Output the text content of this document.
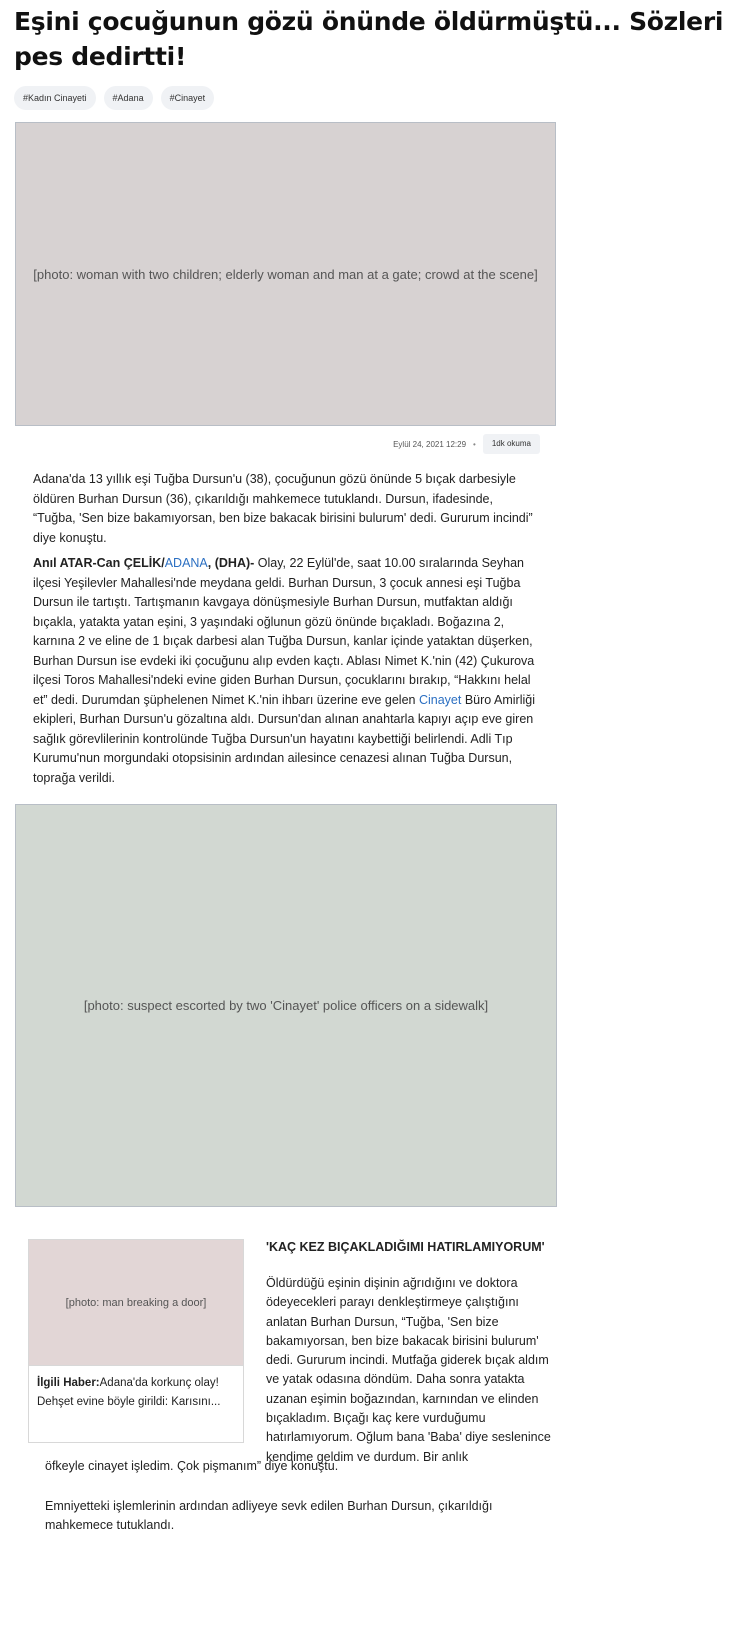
Eşini çocuğunun gözü önünde öldürmüştü... Sözleri pes dedirtti!
#Kadın Cinayeti	#Adana	#Cinayet
[photo: woman with two children; elderly woman and man at a gate; crowd at the scene]
Eylül 24, 2021 12:29 •	1dk okuma

Adana'da 13 yıllık eşi Tuğba Dursun'u (38), çocuğunun gözü önünde 5 bıçak darbesiyle öldüren Burhan Dursun (36), çıkarıldığı mahkemece tutuklandı. Dursun, ifadesinde, “Tuğba, 'Sen bize bakamıyorsan, ben bize bakacak birisini bulurum' dedi. Gururum incindi” diye konuştu.

Anıl ATAR-Can ÇELİK/ADANA, (DHA)- Olay, 22 Eylül'de, saat 10.00 sıralarında Seyhan ilçesi Yeşilevler Mahallesi'nde meydana geldi. Burhan Dursun, 3 çocuk annesi eşi Tuğba Dursun ile tartıştı. Tartışmanın kavgaya dönüşmesiyle Burhan Dursun, mutfaktan aldığı bıçakla, yatakta yatan eşini, 3 yaşındaki oğlunun gözü önünde bıçakladı. Boğazına 2, karnına 2 ve eline de 1 bıçak darbesi alan Tuğba Dursun, kanlar içinde yataktan düşerken, Burhan Dursun ise evdeki iki çocuğunu alıp evden kaçtı. Ablası Nimet K.'nin (42) Çukurova ilçesi Toros Mahallesi'ndeki evine giden Burhan Dursun, çocuklarını bırakıp, “Hakkını helal et” dedi. Durumdan şüphelenen Nimet K.'nin ihbarı üzerine eve gelen Cinayet Büro Amirliği ekipleri, Burhan Dursun'u gözaltına aldı. Dursun'dan alınan anahtarla kapıyı açıp eve giren sağlık görevlilerinin kontrolünde Tuğba Dursun'un hayatını kaybettiği belirlendi. Adli Tıp Kurumu'nun morgundaki otopsisinin ardından ailesince cenazesi alınan Tuğba Dursun, toprağa verildi.

[photo: suspect escorted by two 'Cinayet' police officers on a sidewalk]
[photo: man breaking a door]

İlgili Haber:Adana'da korkunç olay! Dehşet evine böyle girildi: Karısını...

'KAÇ KEZ BIÇAKLADIĞIMI HATIRLAMIYORUM'

Öldürdüğü eşinin dişinin ağrıdığını ve doktora ödeyecekleri parayı denkleştirmeye çalıştığını anlatan Burhan Dursun, “Tuğba, 'Sen bize bakamıyorsan, ben bize bakacak birisini bulurum' dedi. Gururum incindi. Mutfağa giderek bıçak aldım ve yatak odasına döndüm. Daha sonra yatakta uzanan eşimin boğazından, karnından ve elinden bıçakladım. Bıçağı kaç kere vurduğumu hatırlamıyorum. Oğlum bana 'Baba' diye seslenince kendime geldim ve durdum. Bir anlık

öfkeyle cinayet işledim. Çok pişmanım” diye konuştu.

Emniyetteki işlemlerinin ardından adliyeye sevk edilen Burhan Dursun, çıkarıldığı

mahkemece tutuklandı.
